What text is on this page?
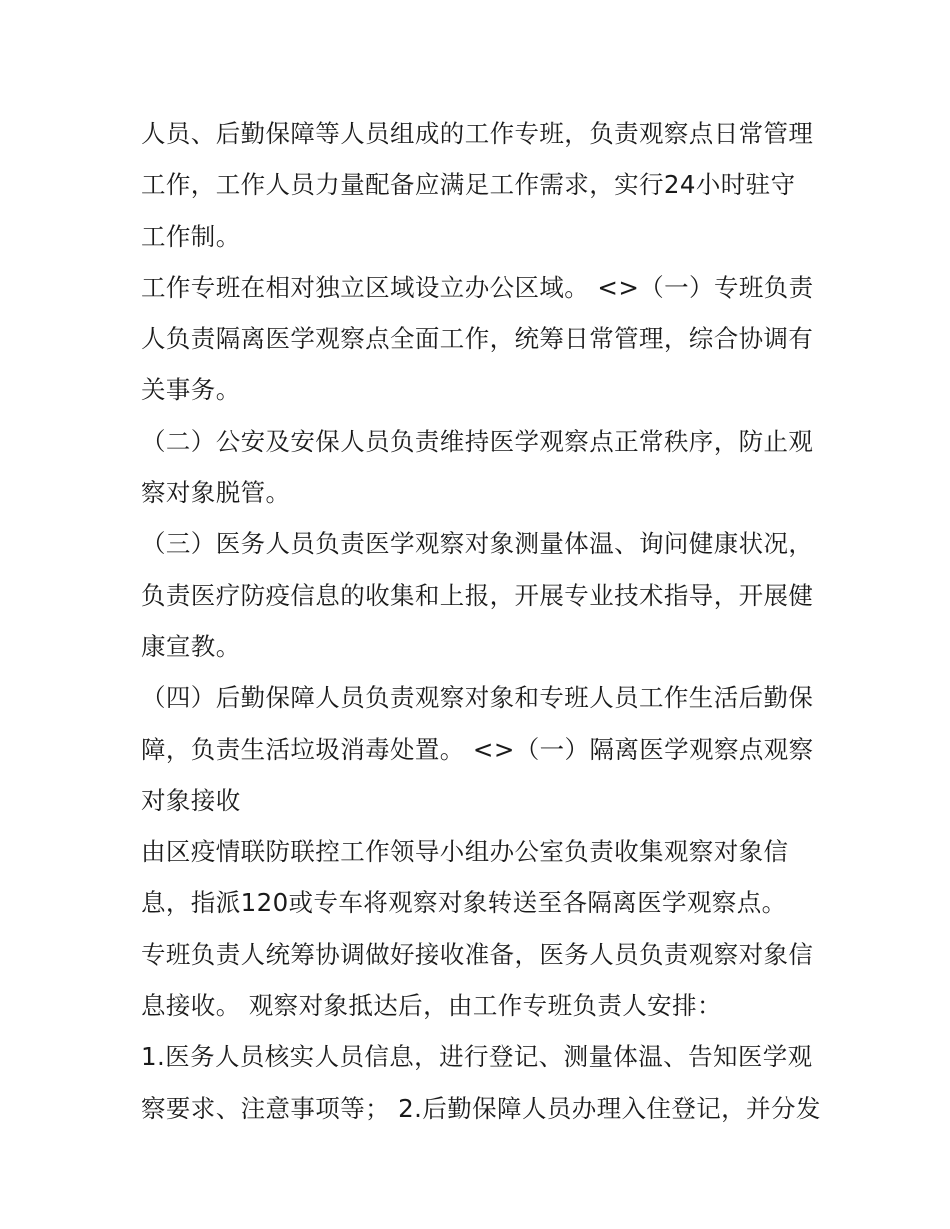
人员、后勤保障等人员组成的工作专班，负责观察点日常管理
工作，工作人员力量配备应满足工作需求，实行24小时驻守
工作制。
工作专班在相对独立区域设立办公区域。 <>（一）专班负责
人负责隔离医学观察点全面工作，统筹日常管理，综合协调有
关事务。
（二）公安及安保人员负责维持医学观察点正常秩序，防止观
察对象脱管。
（三）医务人员负责医学观察对象测量体温、询问健康状况，
负责医疗防疫信息的收集和上报，开展专业技术指导，开展健
康宣教。
（四）后勤保障人员负责观察对象和专班人员工作生活后勤保
障，负责生活垃圾消毒处置。 <>（一）隔离医学观察点观察
对象接收
由区疫情联防联控工作领导小组办公室负责收集观察对象信
息，指派120或专车将观察对象转送至各隔离医学观察点。
专班负责人统筹协调做好接收准备，医务人员负责观察对象信
息接收。 观察对象抵达后，由工作专班负责人安排：
1.医务人员核实人员信息，进行登记、测量体温、告知医学观
察要求、注意事项等； 2.后勤保障人员办理入住登记，并分发
